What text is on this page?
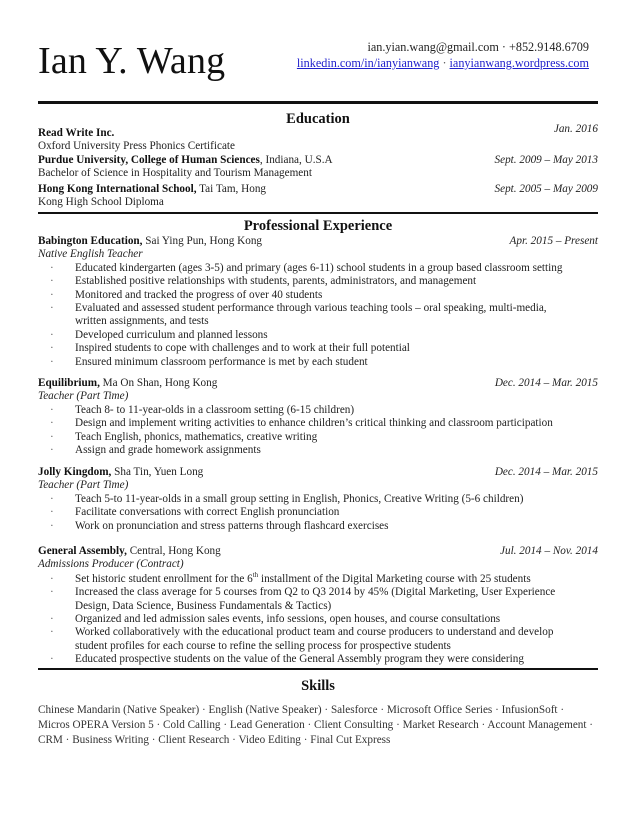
Ian Y. Wang	ian.yian.wang@gmail.com · +852.9148.6709
linkedin.com/in/ianyianwang · ianyianwang.wordpress.com
Education
Read Write Inc.	Jan. 2016
Oxford University Press Phonics Certificate
Purdue University, College of Human Sciences, Indiana, U.S.A	Sept. 2009 – May 2013
Bachelor of Science in Hospitality and Tourism Management
Hong Kong International School, Tai Tam, Hong	Sept. 2005 – May 2009
Kong High School Diploma
Professional Experience
Babington Education, Sai Ying Pun, Hong Kong	Apr. 2015 – Present
Native English Teacher
· Educated kindergarten (ages 3-5) and primary (ages 6-11) school students in a group based classroom setting
· Established positive relationships with students, parents, administrators, and management
· Monitored and tracked the progress of over 40 students
· Evaluated and assessed student performance through various teaching tools – oral speaking, multi-media, written assignments, and tests
· Developed curriculum and planned lessons
· Inspired students to cope with challenges and to work at their full potential
· Ensured minimum classroom performance is met by each student
Equilibrium, Ma On Shan, Hong Kong	Dec. 2014 – Mar. 2015
Teacher (Part Time)
· Teach 8- to 11-year-olds in a classroom setting (6-15 children)
· Design and implement writing activities to enhance children’s critical thinking and classroom participation
· Teach English, phonics, mathematics, creative writing
· Assign and grade homework assignments
Jolly Kingdom, Sha Tin, Yuen Long	Dec. 2014 – Mar. 2015
Teacher (Part Time)
· Teach 5-to 11-year-olds in a small group setting in English, Phonics, Creative Writing (5-6 children)
· Facilitate conversations with correct English pronunciation
· Work on pronunciation and stress patterns through flashcard exercises
General Assembly, Central, Hong Kong	Jul. 2014 – Nov. 2014
Admissions Producer (Contract)
· Set historic student enrollment for the 6th installment of the Digital Marketing course with 25 students
· Increased the class average for 5 courses from Q2 to Q3 2014 by 45% (Digital Marketing, User Experience Design, Data Science, Business Fundamentals & Tactics)
· Organized and led admission sales events, info sessions, open houses, and course consultations
· Worked collaboratively with the educational product team and course producers to understand and develop student profiles for each course to refine the selling process for prospective students
· Educated prospective students on the value of the General Assembly program they were considering
Skills
Chinese Mandarin (Native Speaker) · English (Native Speaker) · Salesforce · Microsoft Office Series · InfusionSoft · Micros OPERA Version 5 · Cold Calling · Lead Generation · Client Consulting · Market Research · Account Management · CRM · Business Writing · Client Research · Video Editing · Final Cut Express
